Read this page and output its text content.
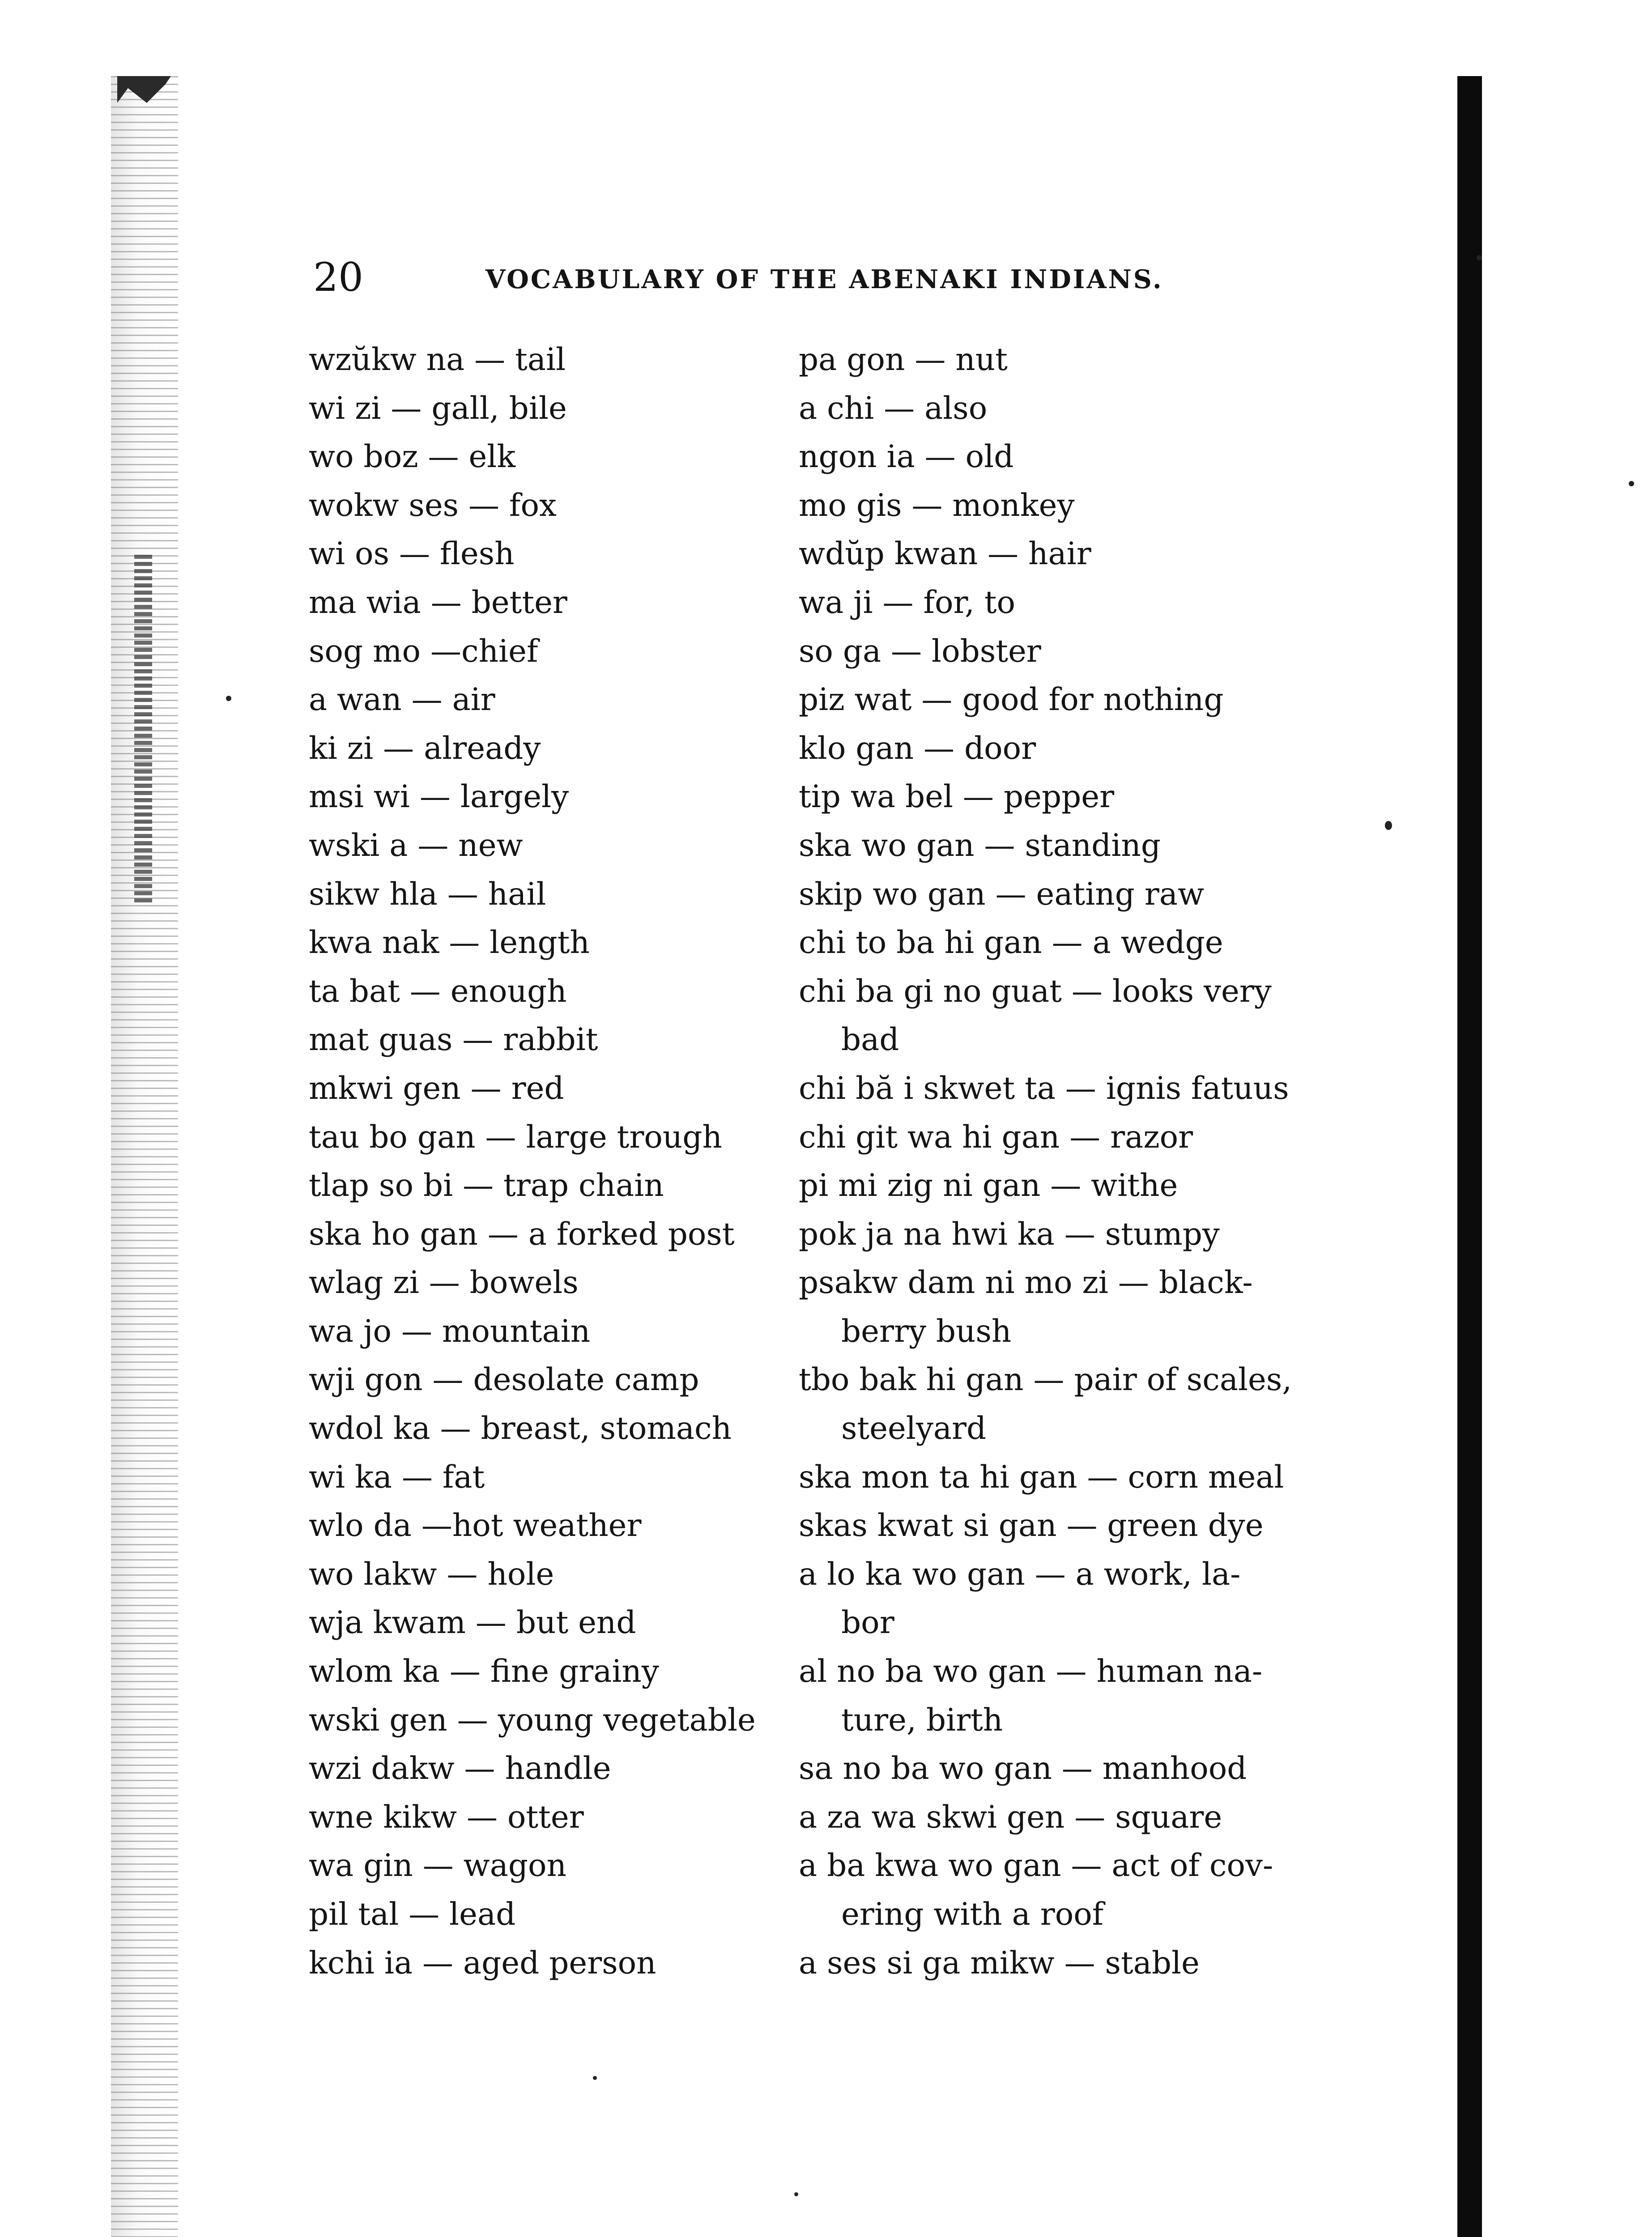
20	VOCABULARY OF THE ABENAKI INDIANS.
wzŭkw na — tail
wi zi — gall, bile
wo boz — elk
wokw ses — fox
wi os — flesh
ma wia — better
sog mo —chief
a wan — air
ki zi — already
msi wi — largely
wski a — new
sikw hla — hail
kwa nak — length
ta bat — enough
mat guas — rabbit
mkwi gen — red
tau bo gan — large trough
tlap so bi — trap chain
ska ho gan — a forked post
wlag zi — bowels
wa jo — mountain
wji gon — desolate camp
wdol ka — breast, stomach
wi ka — fat
wlo da —hot weather
wo lakw — hole
wja kwam — but end
wlom ka — fine grainy
wski gen — young vegetable
wzi dakw — handle
wne kikw — otter
wa gin — wagon
pil tal — lead
kchi ia — aged person
pa gon — nut
a chi — also
ngon ia — old
mo gis — monkey
wdŭp kwan — hair
wa ji — for, to
so ga — lobster
piz wat — good for nothing
klo gan — door
tip wa bel — pepper
ska wo gan — standing
skip wo gan — eating raw
chi to ba hi gan — a wedge
chi ba gi no guat — looks very
bad
chi bă i skwet ta — ignis fatuus
chi git wa hi gan — razor
pi mi zig ni gan — withe
pok ja na hwi ka — stumpy
psakw dam ni mo zi — black-
berry bush
tbo bak hi gan — pair of scales,
steelyard
ska mon ta hi gan — corn meal
skas kwat si gan — green dye
a lo ka wo gan — a work, la-
bor
al no ba wo gan — human na-
ture, birth
sa no ba wo gan — manhood
a za wa skwi gen — square
a ba kwa wo gan — act of cov-
ering with a roof
a ses si ga mikw — stable
